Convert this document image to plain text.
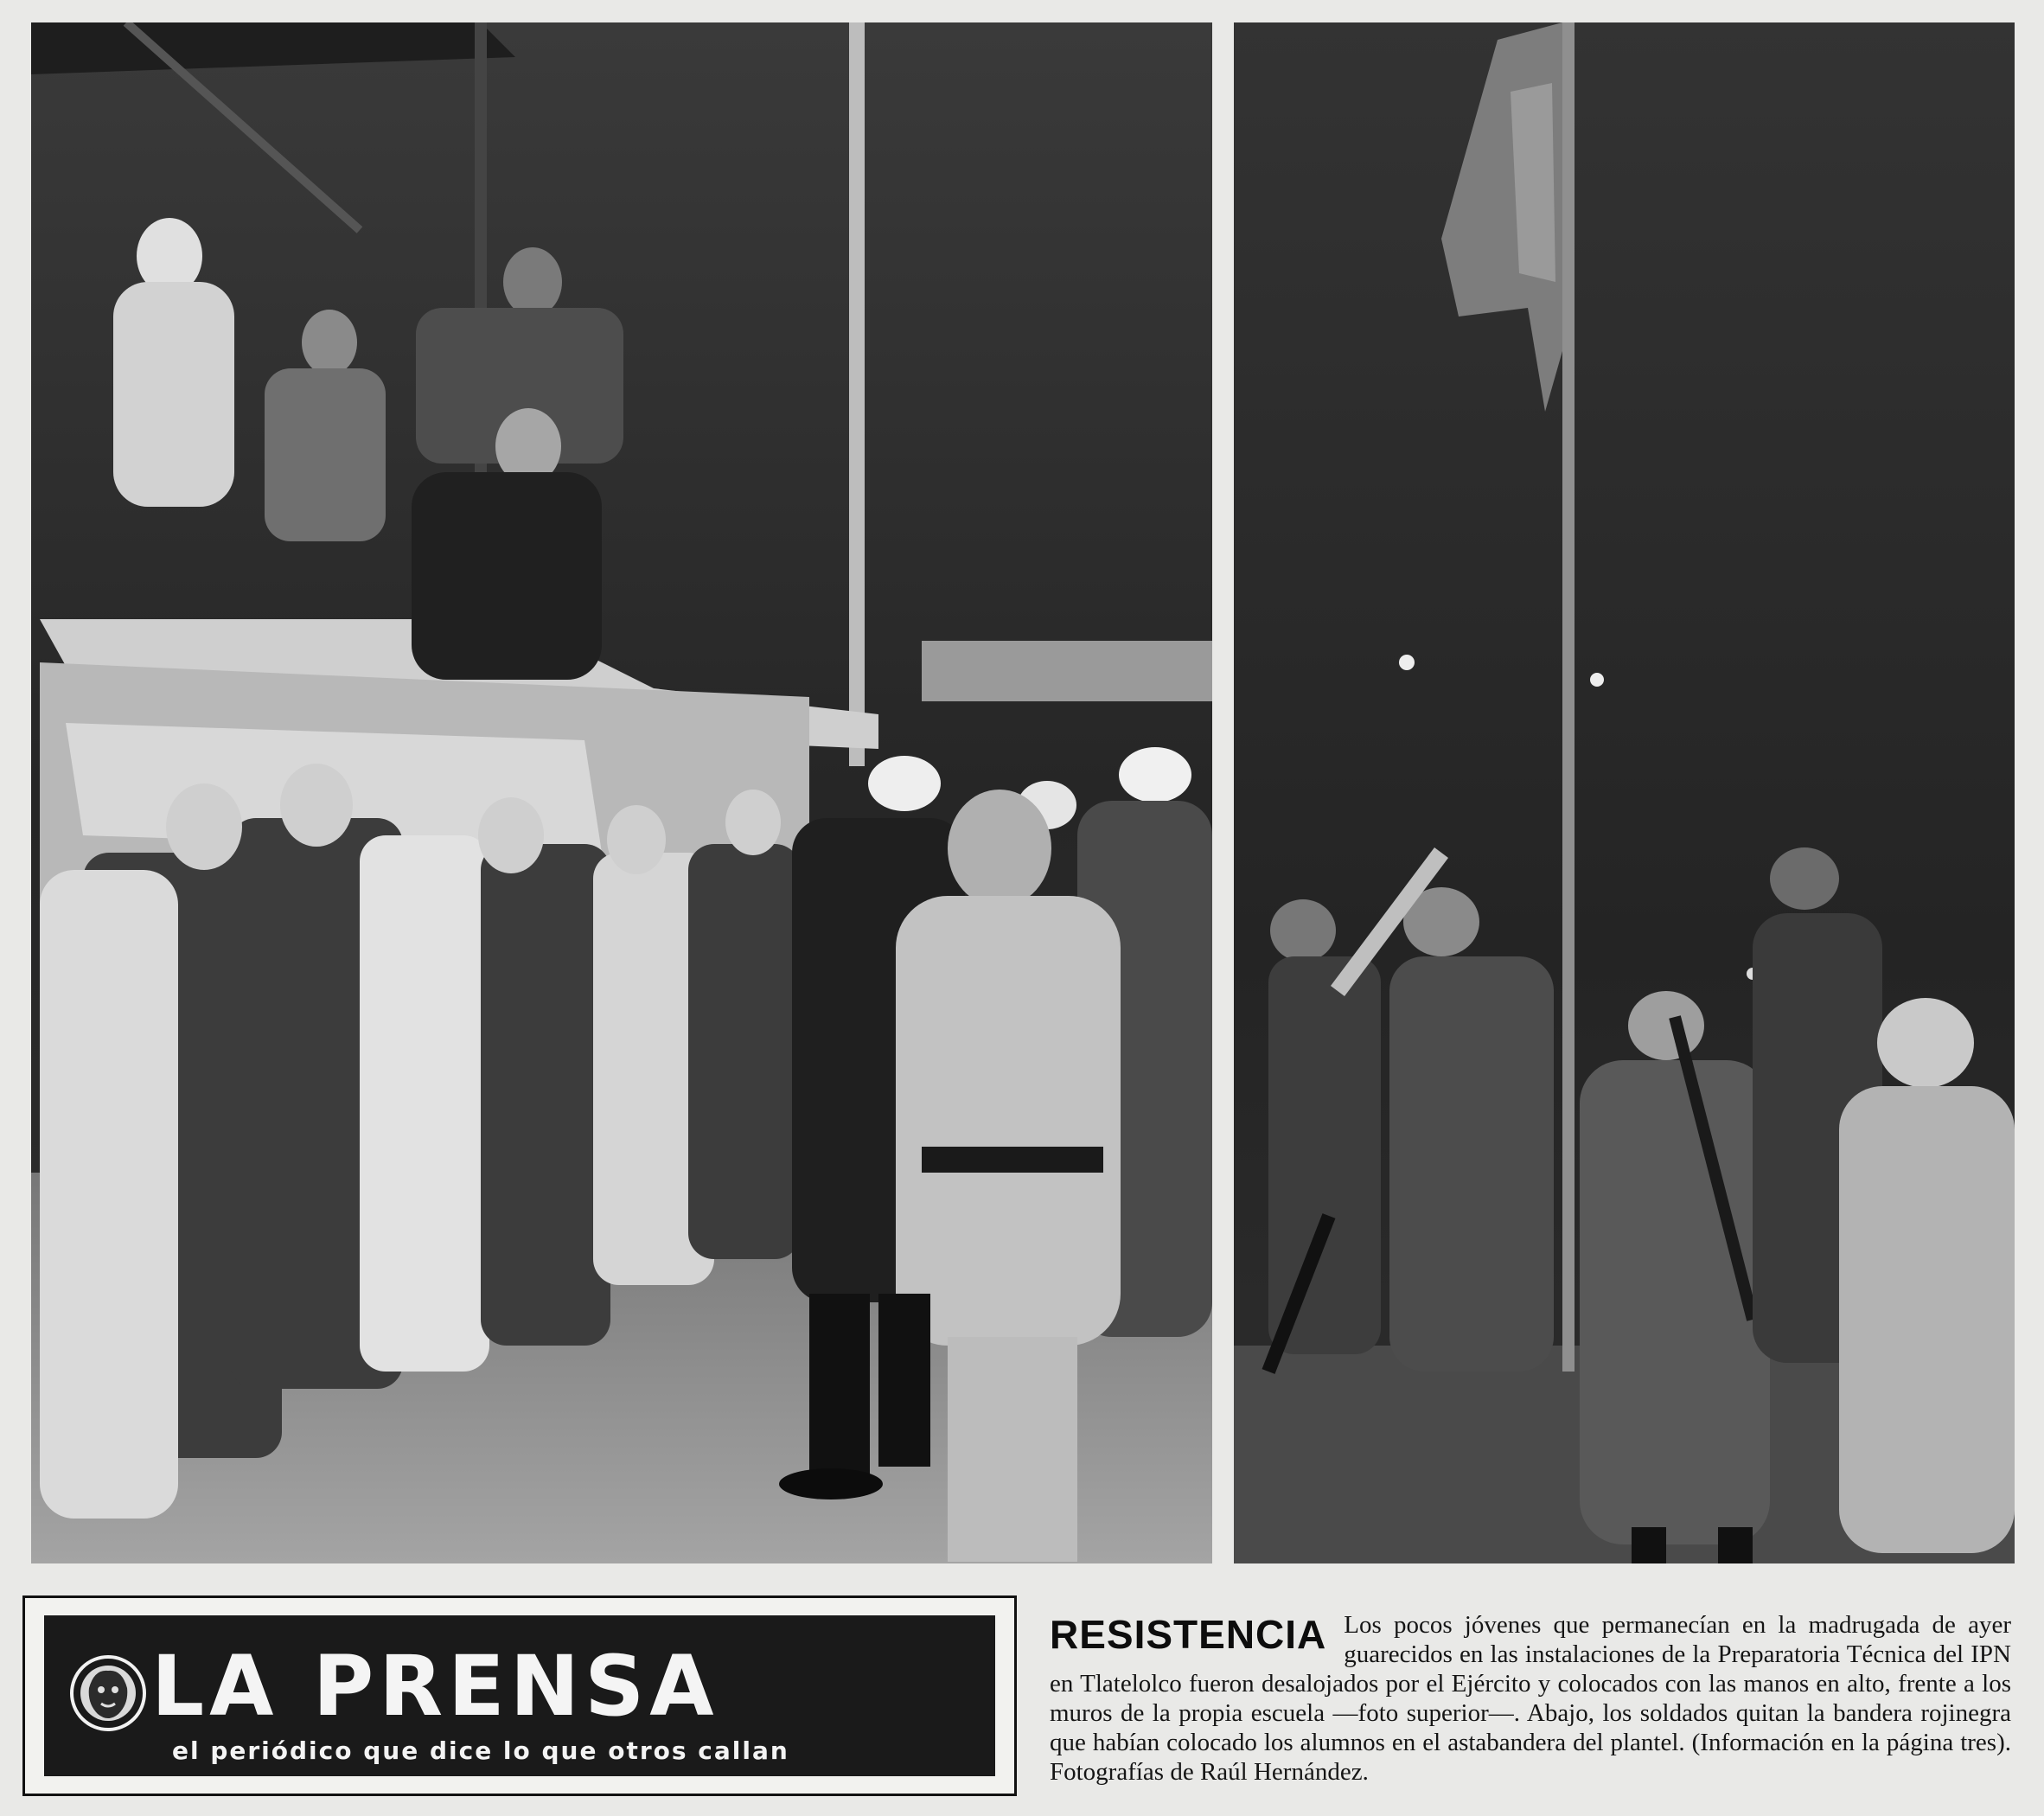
LA PRENSA
el periódico que dice lo que otros callan
RESISTENCIA Los pocos jóvenes que permanecían en la madrugada de ayer guarecidos en las instalaciones de la Preparatoria Técnica del IPN en Tlatelolco fueron desalojados por el Ejército y colocados con las manos en alto, frente a los muros de la propia escuela —foto superior—. Abajo, los soldados quitan la bandera rojinegra que habían colocado los alumnos en el astabandera del plantel. (Información en la página tres). Fotografías de Raúl Hernández.
